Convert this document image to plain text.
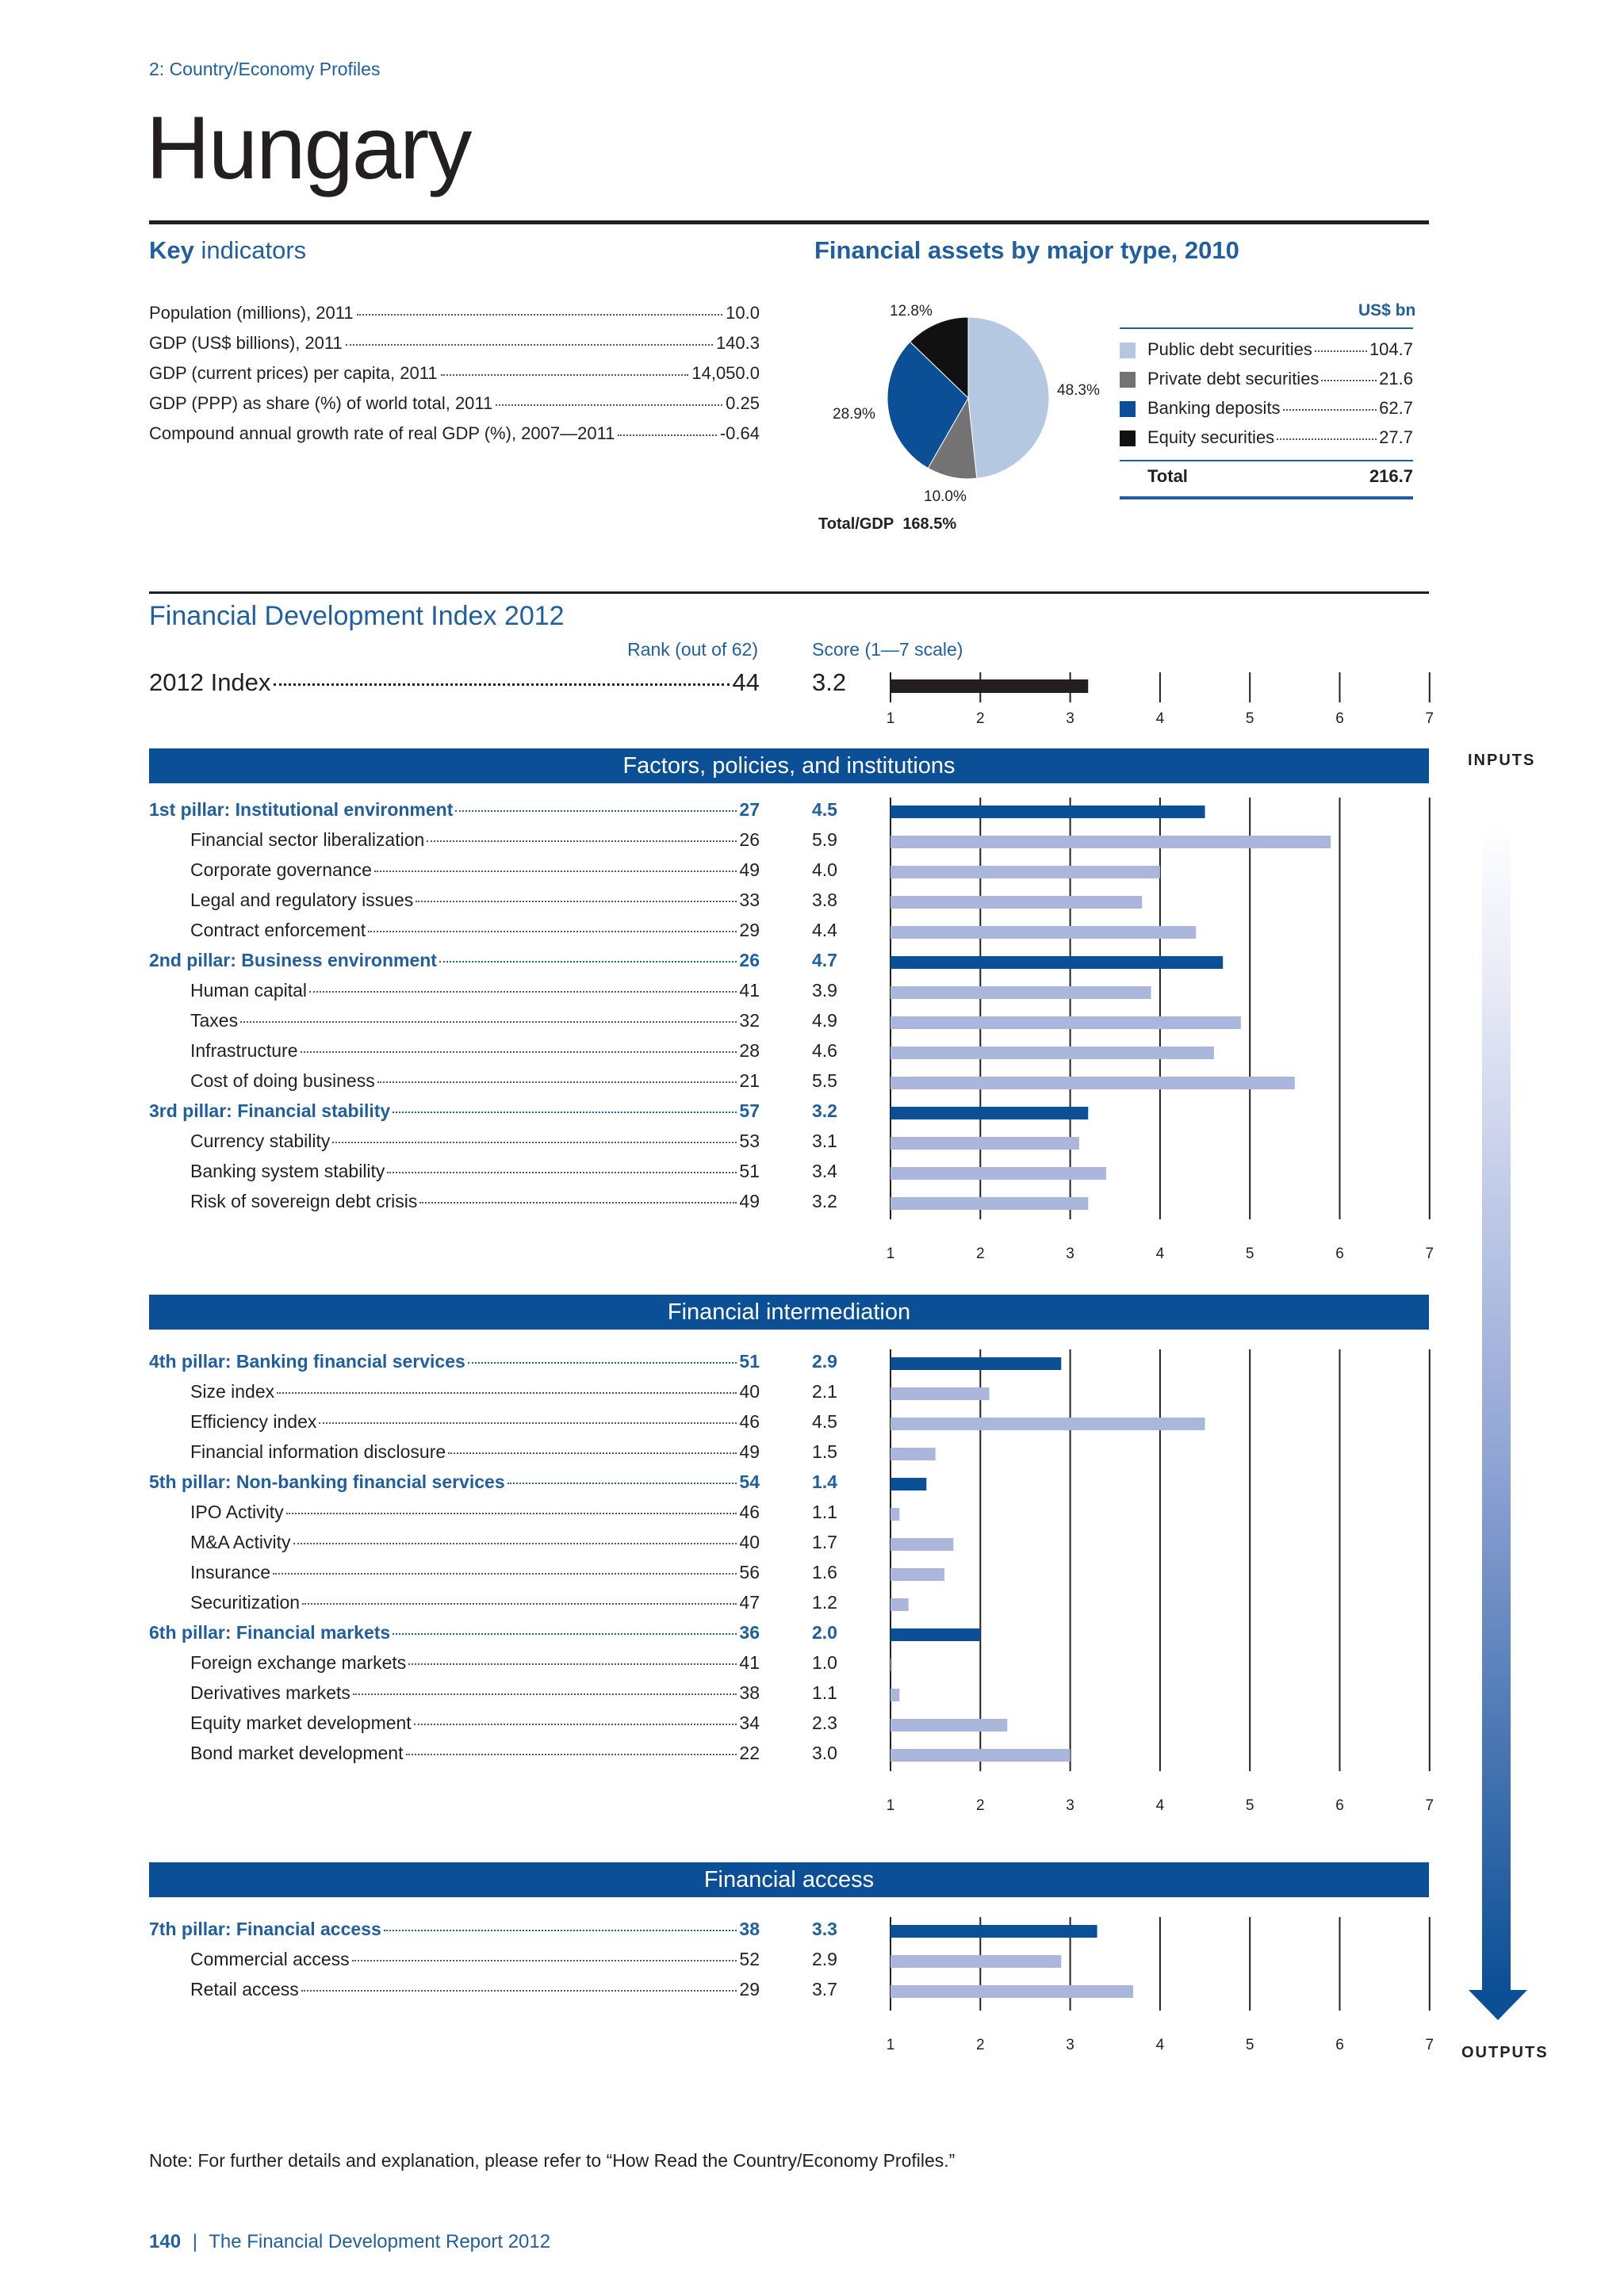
2: Country/Economy Profiles
Hungary
Key indicators
Population (millions), 2011	10.0
GDP (US$ billions), 2011	140.3
GDP (current prices) per capita, 2011	14,050.0
GDP (PPP) as share (%) of world total, 2011	0.25
Compound annual growth rate of real GDP (%), 2007—2011	-0.64
Financial assets by major type, 2010
12.8%
48.3%
28.9%
10.0%
Total/GDP 168.5%
US$ bn
Public debt securities	104.7
Private debt securities	21.6
Banking deposits	62.7
Equity securities	27.7
Total	216.7
Financial Development Index 2012
Rank (out of 62)	Score (1—7 scale)
2012 Index	44 3.2
Factors, policies, and institutions
1st pillar: Institutional environment	27	4.5
Financial sector liberalization	26	5.9
Corporate governance	49	4.0
Legal and regulatory issues	33	3.8
Contract enforcement	29	4.4
2nd pillar: Business environment	26	4.7
Human capital	41	3.9
Taxes	32	4.9
Infrastructure	28	4.6
Cost of doing business	21	5.5
3rd pillar: Financial stability	57	3.2
Currency stability	53	3.1
Banking system stability	51	3.4
Risk of sovereign debt crisis	49	3.2
Financial intermediation
4th pillar: Banking financial services	51	2.9
Size index	40	2.1
Efficiency index	46	4.5
Financial information disclosure	49	1.5
5th pillar: Non-banking financial services	54	1.4
IPO Activity	46	1.1
M&A Activity	40	1.7
Insurance	56	1.6
Securitization	47	1.2
6th pillar: Financial markets	36	2.0
Foreign exchange markets	41	1.0
Derivatives markets	38	1.1
Equity market development	34	2.3
Bond market development	22	3.0
Financial access
7th pillar: Financial access	38	3.3
Commercial access	52	2.9
Retail access	29	3.7
1	2	3	4	5	6	7
1	2	3	4	5	6	7
1	2	3	4	5	6	7
1	2	3	4	5	6	7
INPUTS
OUTPUTS
Note: For further details and explanation, please refer to “How Read the Country/Economy Profiles.”
140 | The Financial Development Report 2012
